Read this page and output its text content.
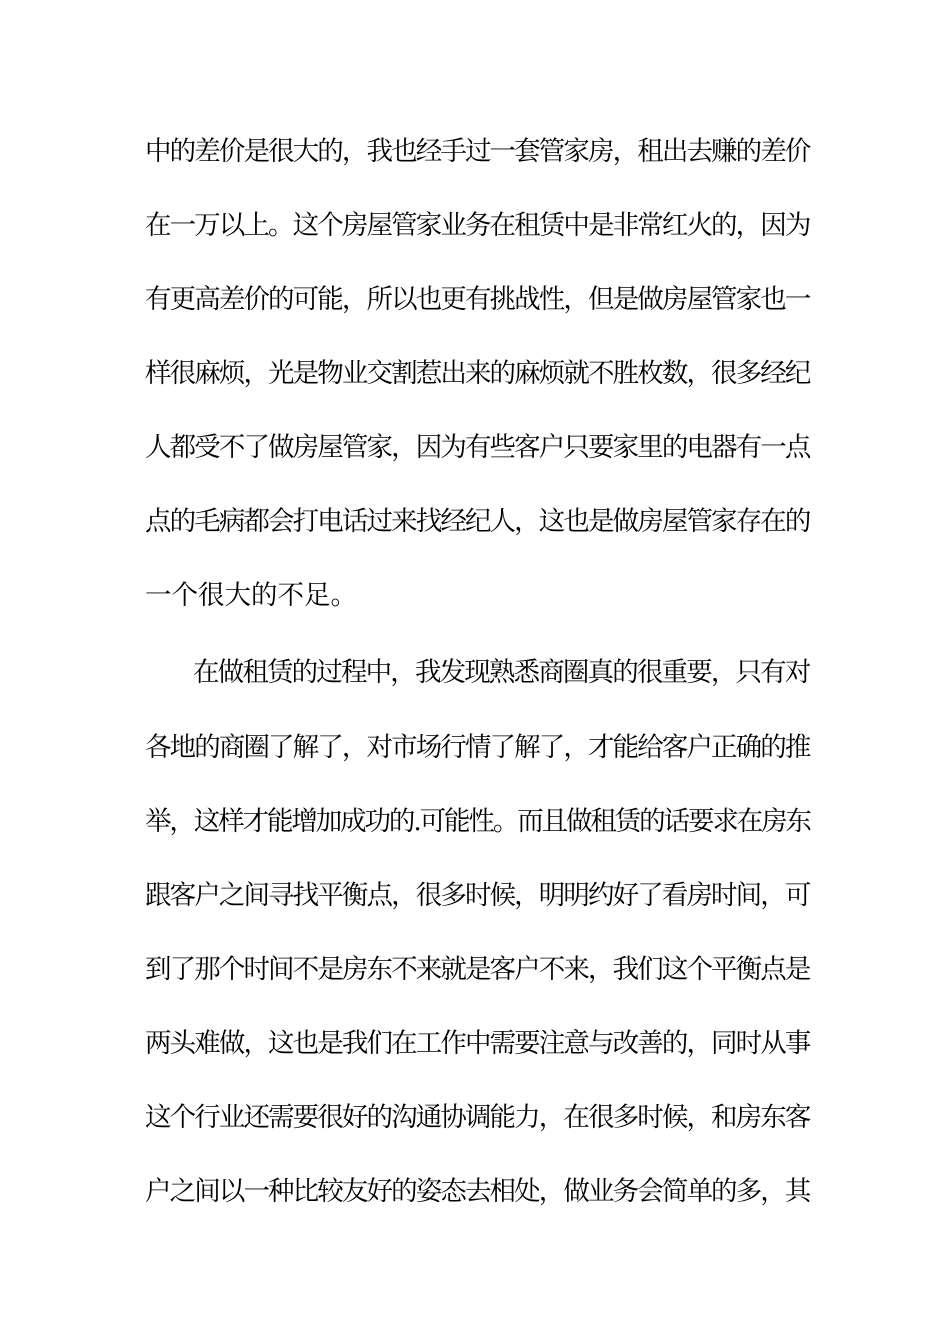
中的差价是很大的，我也经手过一套管家房，租出去赚的差价
在一万以上。这个房屋管家业务在租赁中是非常红火的，因为
有更高差价的可能，所以也更有挑战性，但是做房屋管家也一
样很麻烦，光是物业交割惹出来的麻烦就不胜枚数，很多经纪
人都受不了做房屋管家，因为有些客户只要家里的电器有一点
点的毛病都会打电话过来找经纪人，这也是做房屋管家存在的
一个很大的不足。
在做租赁的过程中，我发现熟悉商圈真的很重要，只有对
各地的商圈了解了，对市场行情了解了，才能给客户正确的推
举，这样才能增加成功的.可能性。而且做租赁的话要求在房东
跟客户之间寻找平衡点，很多时候，明明约好了看房时间，可
到了那个时间不是房东不来就是客户不来，我们这个平衡点是
两头难做，这也是我们在工作中需要注意与改善的，同时从事
这个行业还需要很好的沟通协调能力，在很多时候，和房东客
户之间以一种比较友好的姿态去相处，做业务会简单的多，其
